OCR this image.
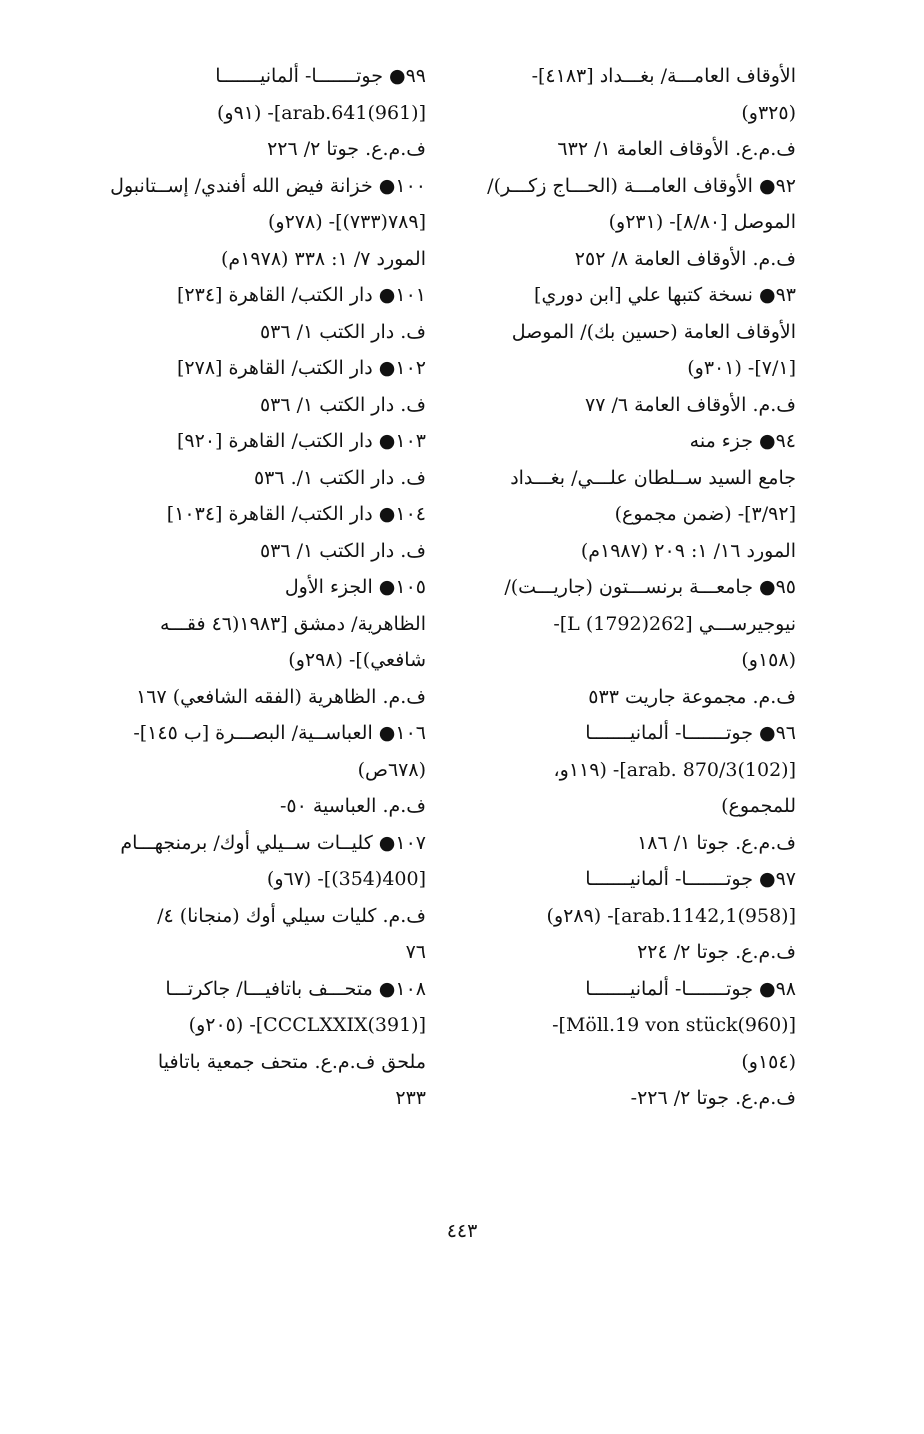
الأوقاف العامـــة/ بغـــداد [٤١٨٣]-
(٣٢٥و)
ف.م.ع. الأوقاف العامة ١/ ٦٣٢
٩٢● الأوقاف العامـــة (الحـــاج زكـــر)/
الموصل [٨/٨٠]- (٢٣١و)
ف.م. الأوقاف العامة ٨/ ٢٥٢
٩٣● نسخة كتبها علي [ابن دوري]
الأوقاف العامة (حسين بك)/ الموصل
[٧/١]- (٣٠١و)
ف.م. الأوقاف العامة ٦/ ٧٧
٩٤● جزء منه
جامع السيد ســلطان علـــي/ بغـــداد
[٣/٩٢]- (ضمن مجموع)
المورد ١٦/ ١: ٢٠٩ (١٩٨٧م)
٩٥● جامعـــة برنســـتون (جاريـــت)/
نيوجيرســـي [L (1792)262]-
(١٥٨و)
ف.م. مجموعة جاريت ٥٣٣
٩٦● جوتـــــــا- ألمانيـــــــا
[arab. 870/3(102)]- (١١٩و،
للمجموع)
ف.م.ع. جوتا ١/ ١٨٦
٩٧● جوتـــــــا- ألمانيـــــــا
[arab.1142,1(958)]- (٢٨٩و)
ف.م.ع. جوتا ٢/ ٢٢٤
٩٨● جوتـــــــا- ألمانيـــــــا
[Möll.19 von stück(960)]-
(١٥٤و)
ف.م.ع. جوتا ٢/ ٢٢٦-
٩٩● جوتـــــــا- ألمانيـــــــا
[arab.641(961)]- (٩١و)
ف.م.ع. جوتا ٢/ ٢٢٦
١٠٠● خزانة فيض الله أفندي/ إســتانبول
[٧٨٩(٧٣٣)]- (٢٧٨و)
المورد ٧/ ١: ٣٣٨ (١٩٧٨م)
١٠١● دار الكتب/ القاهرة [٢٣٤]
ف. دار الكتب ١/ ٥٣٦
١٠٢● دار الكتب/ القاهرة [٢٧٨]
ف. دار الكتب ١/ ٥٣٦
١٠٣● دار الكتب/ القاهرة [٩٢٠]
ف. دار الكتب ١/. ٥٣٦
١٠٤● دار الكتب/ القاهرة [١٠٣٤]
ف. دار الكتب ١/ ٥٣٦
١٠٥● الجزء الأول
الظاهرية/ دمشق [١٩٨٣(٤٦ فقـــه
شافعي)]- (٢٩٨و)
ف.م. الظاهرية (الفقه الشافعي) ١٦٧
١٠٦● العباســية/ البصـــرة [ب ١٤٥]-
(٦٧٨ص)
ف.م. العباسية ٥٠-
١٠٧● كليــات ســيلي أوك/ برمنجهـــام
[400(354)]- (٦٧و)
ف.م. كليات سيلي أوك (منجانا) ٤/
٧٦
١٠٨● متحـــف باتافيـــا/ جاكرتـــا
[CCCLXXIX(391)]- (٢٠٥و)
ملحق ف.م.ع. متحف جمعية باتافيا
٢٣٣
٤٤٣
